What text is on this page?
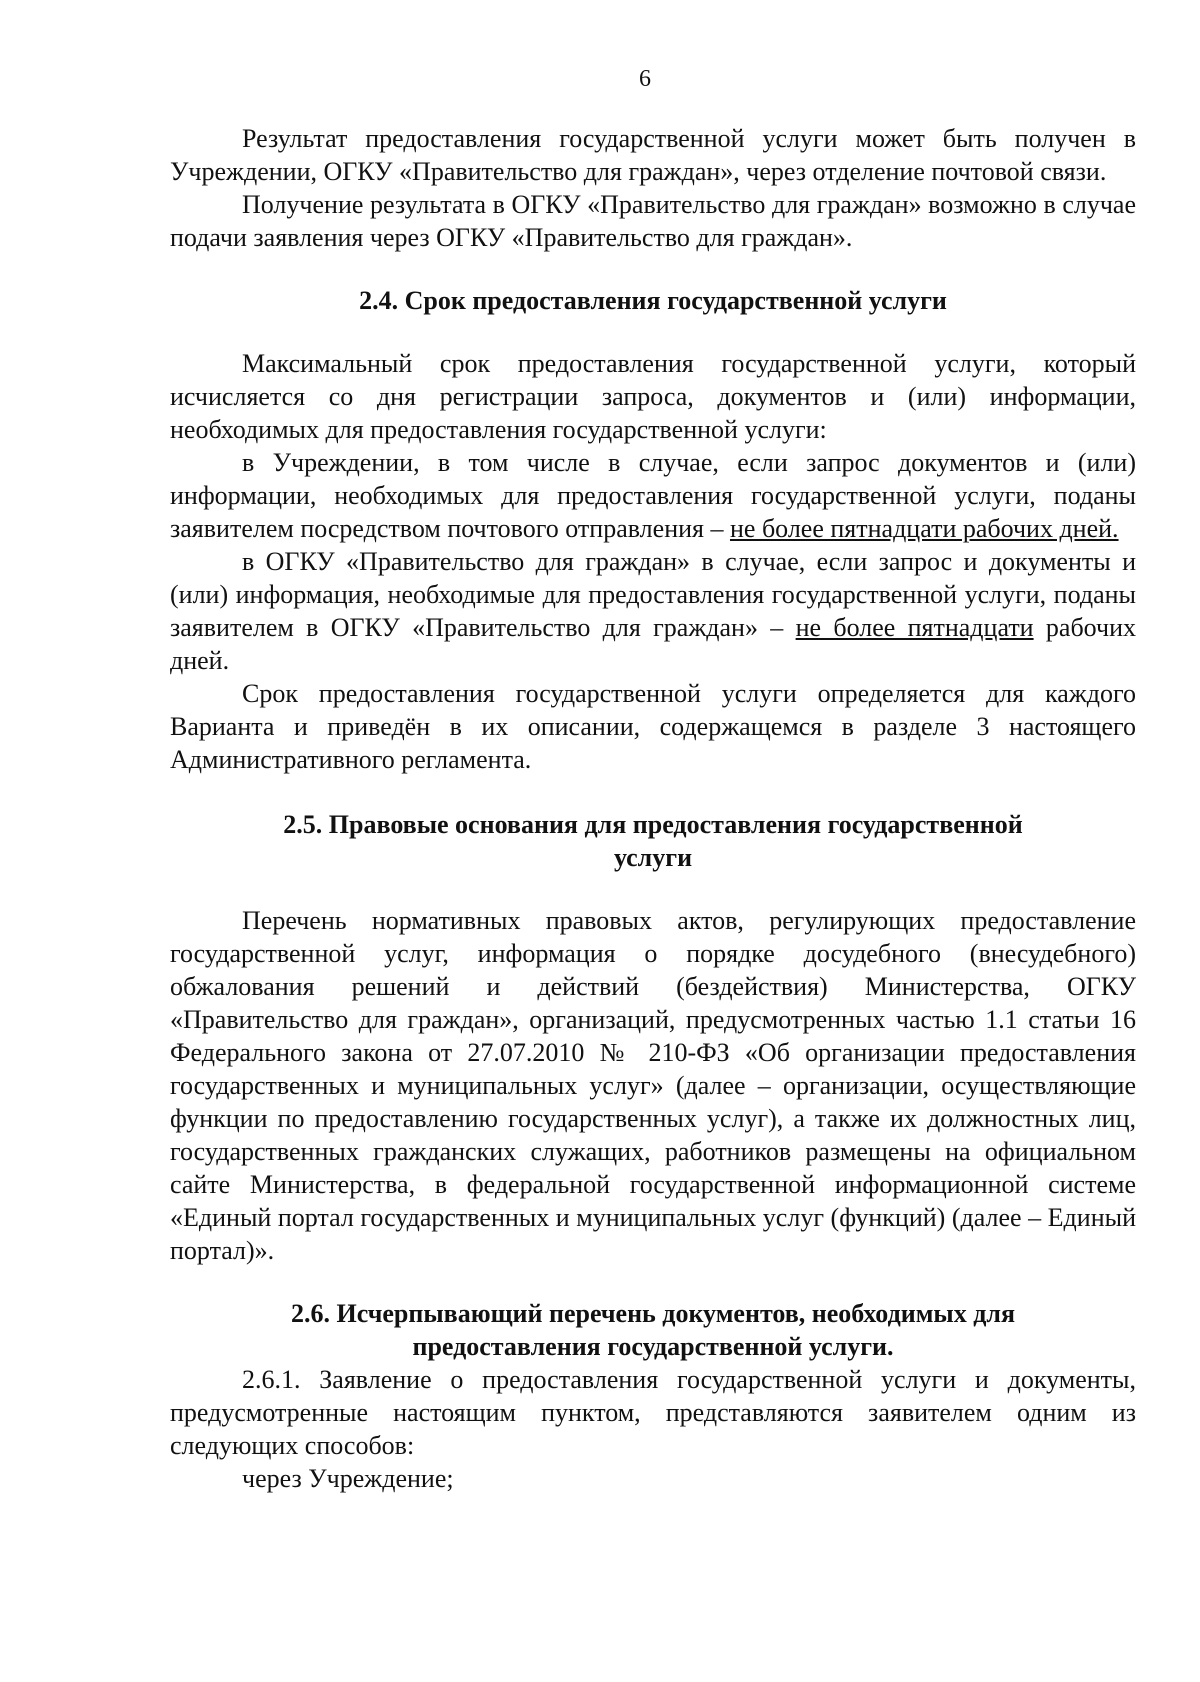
6

Результат предоставления государственной услуги может быть получен в Учреждении, ОГКУ «Правительство для граждан», через отделение почтовой связи.

Получение результата в ОГКУ «Правительство для граждан» возможно в случае подачи заявления через ОГКУ «Правительство для граждан».

2.4. Срок предоставления государственной услуги

Максимальный срок предоставления государственной услуги, который исчисляется со дня регистрации запроса, документов и (или) информации, необходимых для предоставления государственной услуги:

в Учреждении, в том числе в случае, если запрос документов и (или) информации, необходимых для предоставления государственной услуги, поданы заявителем посредством почтового отправления – не более пятнадцати рабочих дней.

в ОГКУ «Правительство для граждан» в случае, если запрос и документы и (или) информация, необходимые для предоставления государственной услуги, поданы заявителем в ОГКУ «Правительство для граждан» – не более пятнадцати рабочих дней.

Срок предоставления государственной услуги определяется для каждого Варианта и приведён в их описании, содержащемся в разделе 3 настоящего Административного регламента.

2.5. Правовые основания для предоставления государственной
услуги

Перечень нормативных правовых актов, регулирующих предоставление государственной услуг, информация о порядке досудебного (внесудебного) обжалования решений и действий (бездействия) Министерства, ОГКУ «Правительство для граждан», организаций, предусмотренных частью 1.1 статьи 16 Федерального закона от 27.07.2010 № 210-ФЗ «Об организации предоставления государственных и муниципальных услуг» (далее – организации, осуществляющие функции по предоставлению государственных услуг), а также их должностных лиц, государственных гражданских служащих, работников размещены на официальном сайте Министерства, в федеральной государственной информационной системе «Единый портал государственных и муниципальных услуг (функций) (далее – Единый портал)».

2.6. Исчерпывающий перечень документов, необходимых для
предоставления государственной услуги.

2.6.1. Заявление о предоставления государственной услуги и документы, предусмотренные настоящим пунктом, представляются заявителем одним из следующих способов:

через Учреждение;
